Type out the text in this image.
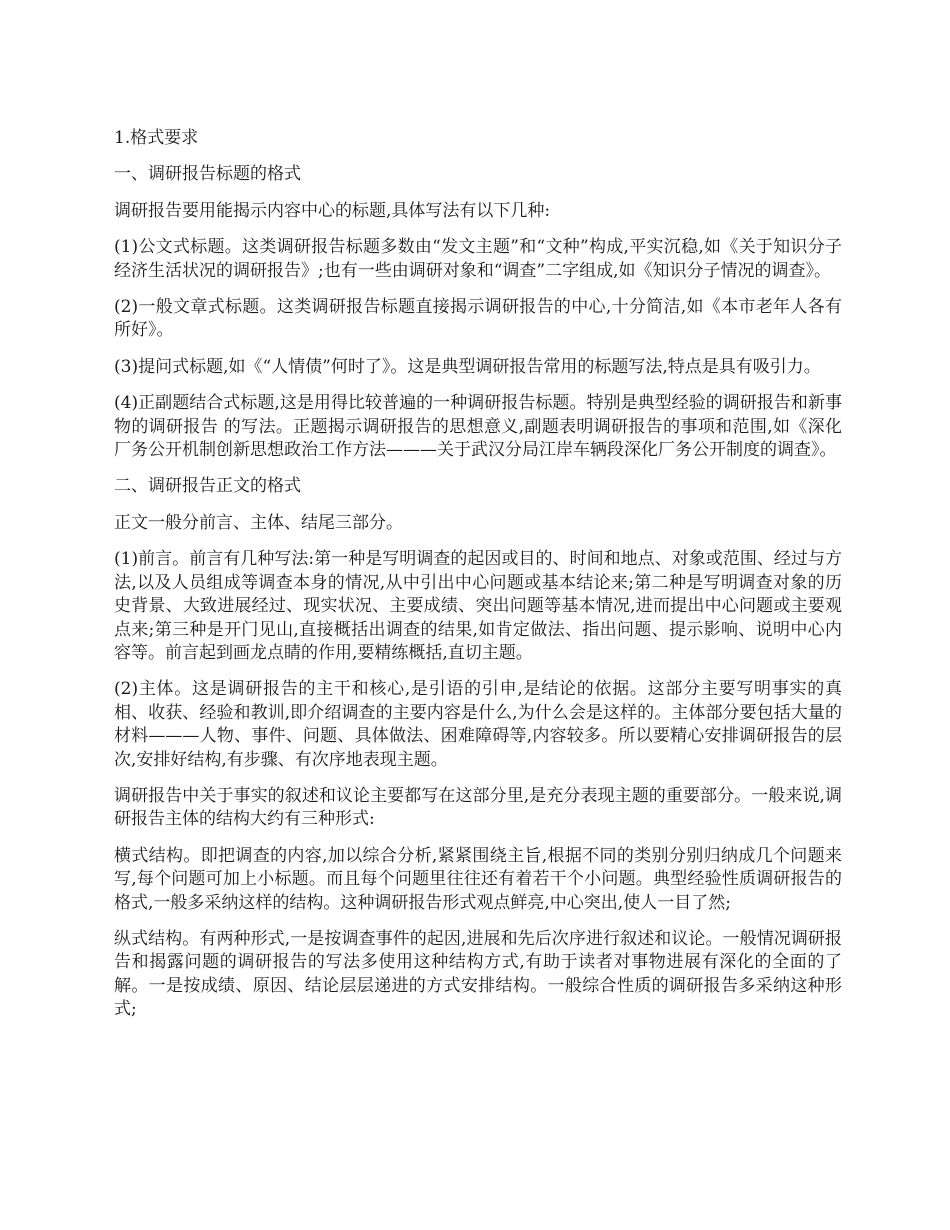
1.格式要求

一、调研报告标题的格式

调研报告要用能揭示内容中心的标题,具体写法有以下几种:

(1)公文式标题。这类调研报告标题多数由“发文主题”和“文种”构成,平实沉稳,如《关于知识分子经济生活状况的调研报告》;也有一些由调研对象和“调查”二字组成,如《知识分子情况的调查》。

(2)一般文章式标题。这类调研报告标题直接揭示调研报告的中心,十分简洁,如《本市老年人各有所好》。

(3)提问式标题,如《“人情债”何时了》。这是典型调研报告常用的标题写法,特点是具有吸引力。

(4)正副题结合式标题,这是用得比较普遍的一种调研报告标题。特别是典型经验的调研报告和新事物的调研报告 的写法。正题揭示调研报告的思想意义,副题表明调研报告的事项和范围,如《深化厂务公开机制创新思想政治工作方法———关于武汉分局江岸车辆段深化厂务公开制度的调查》。

二、调研报告正文的格式

正文一般分前言、主体、结尾三部分。

(1)前言。前言有几种写法:第一种是写明调查的起因或目的、时间和地点、对象或范围、经过与方法,以及人员组成等调查本身的情况,从中引出中心问题或基本结论来;第二种是写明调查对象的历史背景、大致进展经过、现实状况、主要成绩、突出问题等基本情况,进而提出中心问题或主要观点来;第三种是开门见山,直接概括出调查的结果,如肯定做法、指出问题、提示影响、说明中心内容等。前言起到画龙点睛的作用,要精练概括,直切主题。

(2)主体。这是调研报告的主干和核心,是引语的引申,是结论的依据。这部分主要写明事实的真相、收获、经验和教训,即介绍调查的主要内容是什么,为什么会是这样的。主体部分要包括大量的材料———人物、事件、问题、具体做法、困难障碍等,内容较多。所以要精心安排调研报告的层次,安排好结构,有步骤、有次序地表现主题。

调研报告中关于事实的叙述和议论主要都写在这部分里,是充分表现主题的重要部分。一般来说,调研报告主体的结构大约有三种形式:

横式结构。即把调查的内容,加以综合分析,紧紧围绕主旨,根据不同的类别分别归纳成几个问题来写,每个问题可加上小标题。而且每个问题里往往还有着若干个小问题。典型经验性质调研报告的格式,一般多采纳这样的结构。这种调研报告形式观点鲜亮,中心突出,使人一目了然;

纵式结构。有两种形式,一是按调查事件的起因,进展和先后次序进行叙述和议论。一般情况调研报告和揭露问题的调研报告的写法多使用这种结构方式,有助于读者对事物进展有深化的全面的了解。一是按成绩、原因、结论层层递进的方式安排结构。一般综合性质的调研报告多采纳这种形式;
